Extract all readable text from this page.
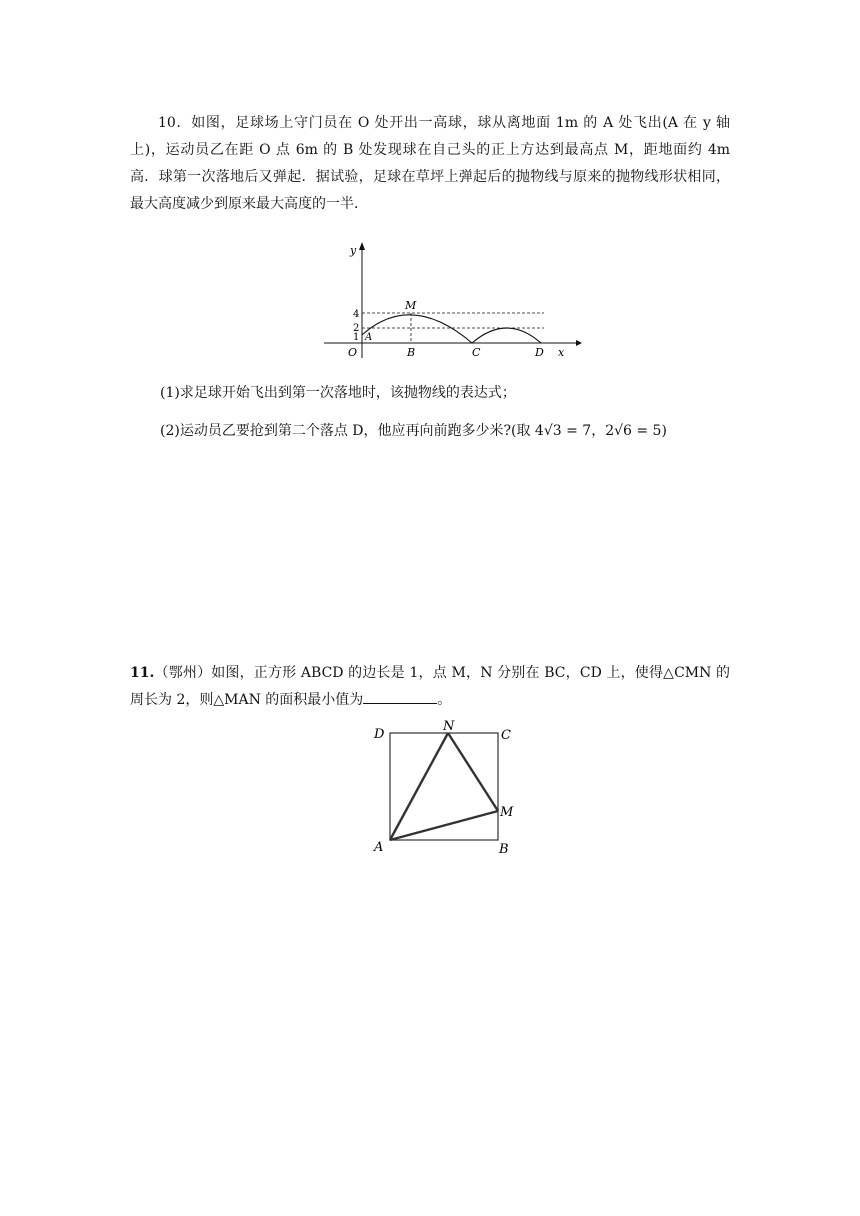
10．如图，足球场上守门员在 O 处开出一高球，球从离地面 1m 的 A 处飞出(A 在 y 轴上)，运动员乙在距 O 点 6m 的 B 处发现球在自己头的正上方达到最高点 M，距地面约 4m 高．球第一次落地后又弹起．据试验，足球在草坪上弹起后的抛物线与原来的抛物线形状相同，最大高度减少到原来最大高度的一半．

y
x
O
4
2
1
M
A
B	C	D

(1)求足球开始飞出到第一次落地时，该抛物线的表达式；

(2)运动员乙要抢到第二个落点 D，他应再向前跑多少米?(取 4√3 = 7，2√6 = 5)

11.（鄂州）如图，正方形 ABCD 的边长是 1，点 M，N 分别在 BC，CD 上，使得△CMN 的周长为 2，则△MAN 的面积最小值为	。

D
N
C
M
A	B
